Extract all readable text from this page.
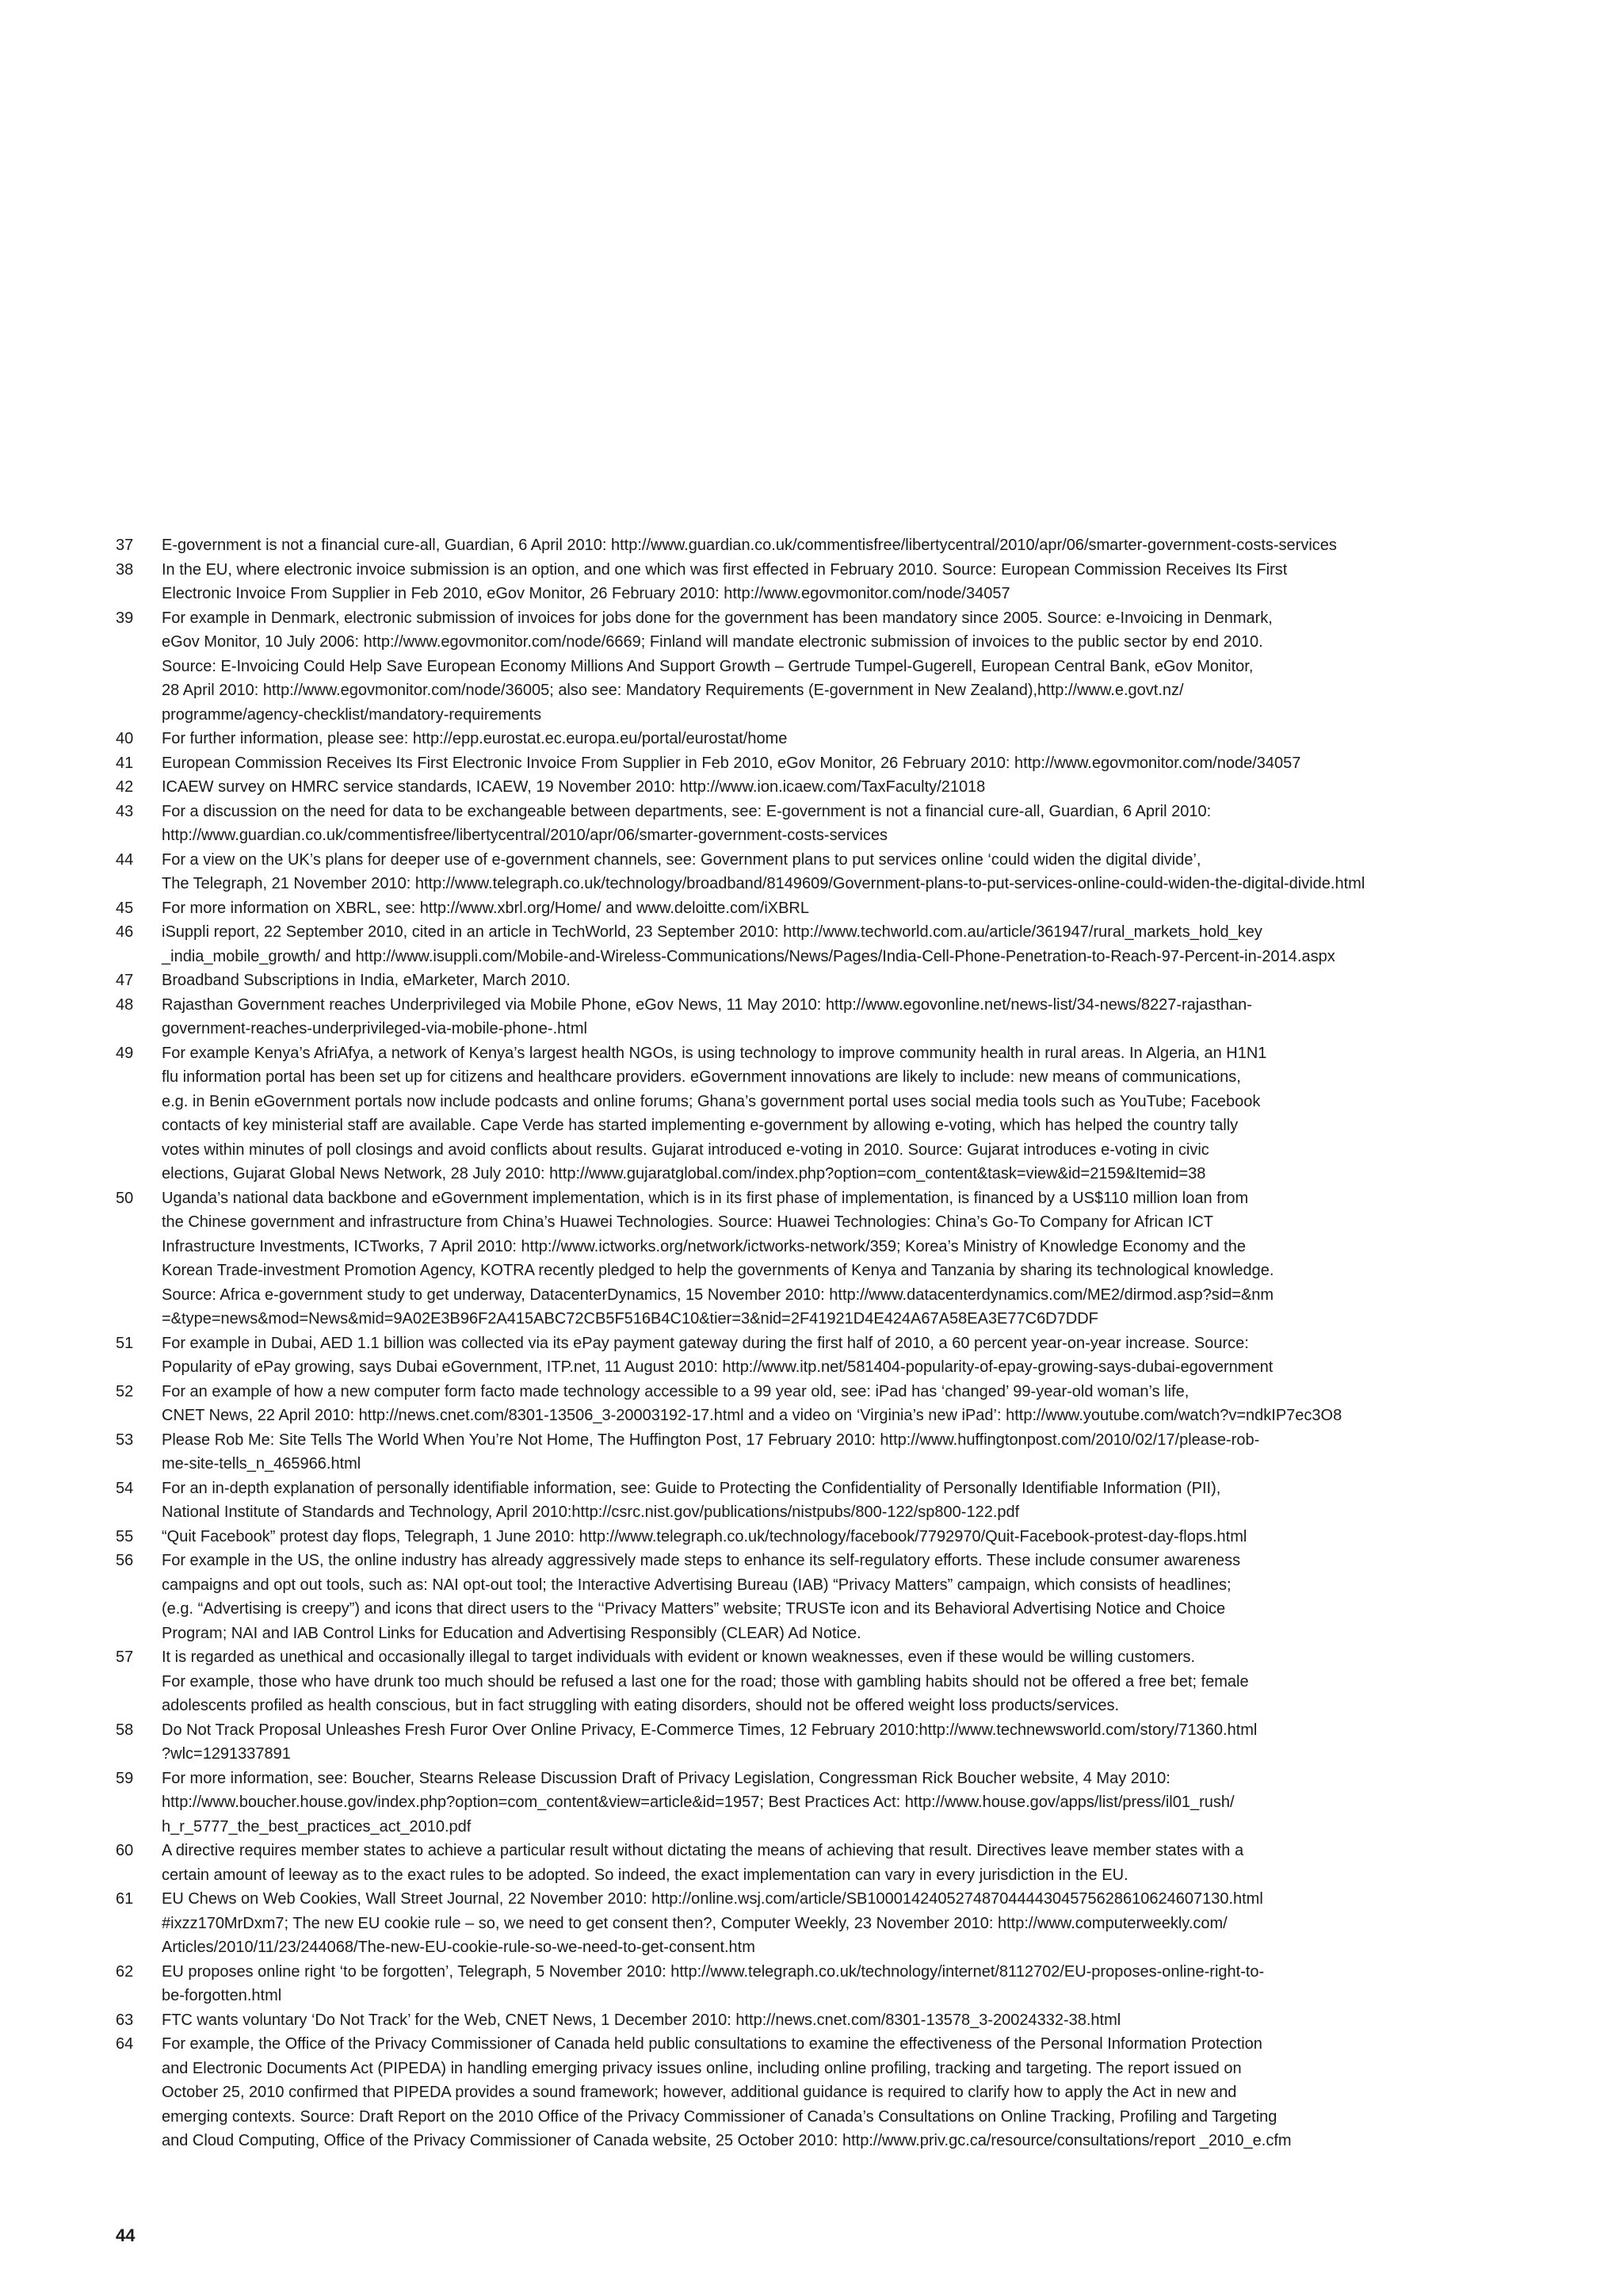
37	E-government is not a financial cure-all, Guardian, 6 April 2010: http://www.guardian.co.uk/commentisfree/libertycentral/2010/apr/06/smarter-government-costs-services
38	In the EU, where electronic invoice submission is an option, and one which was first effected in February 2010. Source: European Commission Receives Its First
Electronic Invoice From Supplier in Feb 2010, eGov Monitor, 26 February 2010: http://www.egovmonitor.com/node/34057
39	For example in Denmark, electronic submission of invoices for jobs done for the government has been mandatory since 2005. Source: e-Invoicing in Denmark,
eGov Monitor, 10 July 2006: http://www.egovmonitor.com/node/6669; Finland will mandate electronic submission of invoices to the public sector by end 2010.
Source: E-Invoicing Could Help Save European Economy Millions And Support Growth – Gertrude Tumpel-Gugerell, European Central Bank, eGov Monitor,
28 April 2010: http://www.egovmonitor.com/node/36005; also see: Mandatory Requirements (E-government in New Zealand),http://www.e.govt.nz/
programme/agency-checklist/mandatory-requirements
40	For further information, please see: http://epp.eurostat.ec.europa.eu/portal/eurostat/home
41	European Commission Receives Its First Electronic Invoice From Supplier in Feb 2010, eGov Monitor, 26 February 2010: http://www.egovmonitor.com/node/34057
42	ICAEW survey on HMRC service standards, ICAEW, 19 November 2010: http://www.ion.icaew.com/TaxFaculty/21018
43	For a discussion on the need for data to be exchangeable between departments, see: E-government is not a financial cure-all, Guardian, 6 April 2010:
http://www.guardian.co.uk/commentisfree/libertycentral/2010/apr/06/smarter-government-costs-services
44	For a view on the UK’s plans for deeper use of e-government channels, see: Government plans to put services online ‘could widen the digital divide’,
The Telegraph, 21 November 2010: http://www.telegraph.co.uk/technology/broadband/8149609/Government-plans-to-put-services-online-could-widen-the-digital-divide.html
45	For more information on XBRL, see: http://www.xbrl.org/Home/ and www.deloitte.com/iXBRL
46	iSuppli report, 22 September 2010, cited in an article in TechWorld, 23 September 2010: http://www.techworld.com.au/article/361947/rural_markets_hold_key
_india_mobile_growth/ and http://www.isuppli.com/Mobile-and-Wireless-Communications/News/Pages/India-Cell-Phone-Penetration-to-Reach-97-Percent-in-2014.aspx
47	Broadband Subscriptions in India, eMarketer, March 2010.
48	Rajasthan Government reaches Underprivileged via Mobile Phone, eGov News, 11 May 2010: http://www.egovonline.net/news-list/34-news/8227-rajasthan-
government-reaches-underprivileged-via-mobile-phone-.html
49	For example Kenya’s AfriAfya, a network of Kenya’s largest health NGOs, is using technology to improve community health in rural areas. In Algeria, an H1N1
flu information portal has been set up for citizens and healthcare providers. eGovernment innovations are likely to include: new means of communications,
e.g. in Benin eGovernment portals now include podcasts and online forums; Ghana’s government portal uses social media tools such as YouTube; Facebook
contacts of key ministerial staff are available. Cape Verde has started implementing e-government by allowing e-voting, which has helped the country tally
votes within minutes of poll closings and avoid conflicts about results. Gujarat introduced e-voting in 2010. Source: Gujarat introduces e-voting in civic
elections, Gujarat Global News Network, 28 July 2010: http://www.gujaratglobal.com/index.php?option=com_content&task=view&id=2159&Itemid=38
50	Uganda’s national data backbone and eGovernment implementation, which is in its first phase of implementation, is financed by a US$110 million loan from
the Chinese government and infrastructure from China’s Huawei Technologies. Source: Huawei Technologies: China’s Go-To Company for African ICT
Infrastructure Investments, ICTworks, 7 April 2010: http://www.ictworks.org/network/ictworks-network/359; Korea’s Ministry of Knowledge Economy and the
Korean Trade-investment Promotion Agency, KOTRA recently pledged to help the governments of Kenya and Tanzania by sharing its technological knowledge.
Source: Africa e-government study to get underway, DatacenterDynamics, 15 November 2010: http://www.datacenterdynamics.com/ME2/dirmod.asp?sid=&nm
=&type=news&mod=News&mid=9A02E3B96F2A415ABC72CB5F516B4C10&tier=3&nid=2F41921D4E424A67A58EA3E77C6D7DDF
51	For example in Dubai, AED 1.1 billion was collected via its ePay payment gateway during the first half of 2010, a 60 percent year-on-year increase. Source:
Popularity of ePay growing, says Dubai eGovernment, ITP.net, 11 August 2010: http://www.itp.net/581404-popularity-of-epay-growing-says-dubai-egovernment
52	For an example of how a new computer form facto made technology accessible to a 99 year old, see: iPad has ‘changed’ 99-year-old woman’s life,
CNET News, 22 April 2010: http://news.cnet.com/8301-13506_3-20003192-17.html and a video on ‘Virginia’s new iPad’: http://www.youtube.com/watch?v=ndkIP7ec3O8
53	Please Rob Me: Site Tells The World When You’re Not Home, The Huffington Post, 17 February 2010: http://www.huffingtonpost.com/2010/02/17/please-rob-
me-site-tells_n_465966.html
54	For an in-depth explanation of personally identifiable information, see: Guide to Protecting the Confidentiality of Personally Identifiable Information (PII),
National Institute of Standards and Technology, April 2010:http://csrc.nist.gov/publications/nistpubs/800-122/sp800-122.pdf
55	“Quit Facebook” protest day flops, Telegraph, 1 June 2010: http://www.telegraph.co.uk/technology/facebook/7792970/Quit-Facebook-protest-day-flops.html
56	For example in the US, the online industry has already aggressively made steps to enhance its self-regulatory efforts. These include consumer awareness
campaigns and opt out tools, such as: NAI opt-out tool; the Interactive Advertising Bureau (IAB) “Privacy Matters” campaign, which consists of headlines;
(e.g. “Advertising is creepy”) and icons that direct users to the ‘‘Privacy Matters” website; TRUSTe icon and its Behavioral Advertising Notice and Choice
Program; NAI and IAB Control Links for Education and Advertising Responsibly (CLEAR) Ad Notice.
57	It is regarded as unethical and occasionally illegal to target individuals with evident or known weaknesses, even if these would be willing customers.
For example, those who have drunk too much should be refused a last one for the road; those with gambling habits should not be offered a free bet; female
adolescents profiled as health conscious, but in fact struggling with eating disorders, should not be offered weight loss products/services.
58	Do Not Track Proposal Unleashes Fresh Furor Over Online Privacy, E-Commerce Times, 12 February 2010:http://www.technewsworld.com/story/71360.html
?wlc=1291337891
59	For more information, see: Boucher, Stearns Release Discussion Draft of Privacy Legislation, Congressman Rick Boucher website, 4 May 2010:
http://www.boucher.house.gov/index.php?option=com_content&view=article&id=1957; Best Practices Act: http://www.house.gov/apps/list/press/il01_rush/
h_r_5777_the_best_practices_act_2010.pdf
60	A directive requires member states to achieve a particular result without dictating the means of achieving that result. Directives leave member states with a
certain amount of leeway as to the exact rules to be adopted. So indeed, the exact implementation can vary in every jurisdiction in the EU.
61	EU Chews on Web Cookies, Wall Street Journal, 22 November 2010: http://online.wsj.com/article/SB10001424052748704444304575628610624607130.html
#ixzz170MrDxm7; The new EU cookie rule – so, we need to get consent then?, Computer Weekly, 23 November 2010: http://www.computerweekly.com/
Articles/2010/11/23/244068/The-new-EU-cookie-rule-so-we-need-to-get-consent.htm
62	EU proposes online right ‘to be forgotten’, Telegraph, 5 November 2010: http://www.telegraph.co.uk/technology/internet/8112702/EU-proposes-online-right-to-
be-forgotten.html
63	FTC wants voluntary ‘Do Not Track’ for the Web, CNET News, 1 December 2010: http://news.cnet.com/8301-13578_3-20024332-38.html
64	For example, the Office of the Privacy Commissioner of Canada held public consultations to examine the effectiveness of the Personal Information Protection
and Electronic Documents Act (PIPEDA) in handling emerging privacy issues online, including online profiling, tracking and targeting. The report issued on
October 25, 2010 confirmed that PIPEDA provides a sound framework; however, additional guidance is required to clarify how to apply the Act in new and
emerging contexts. Source: Draft Report on the 2010 Office of the Privacy Commissioner of Canada’s Consultations on Online Tracking, Profiling and Targeting
and Cloud Computing, Office of the Privacy Commissioner of Canada website, 25 October 2010: http://www.priv.gc.ca/resource/consultations/report _2010_e.cfm
44
